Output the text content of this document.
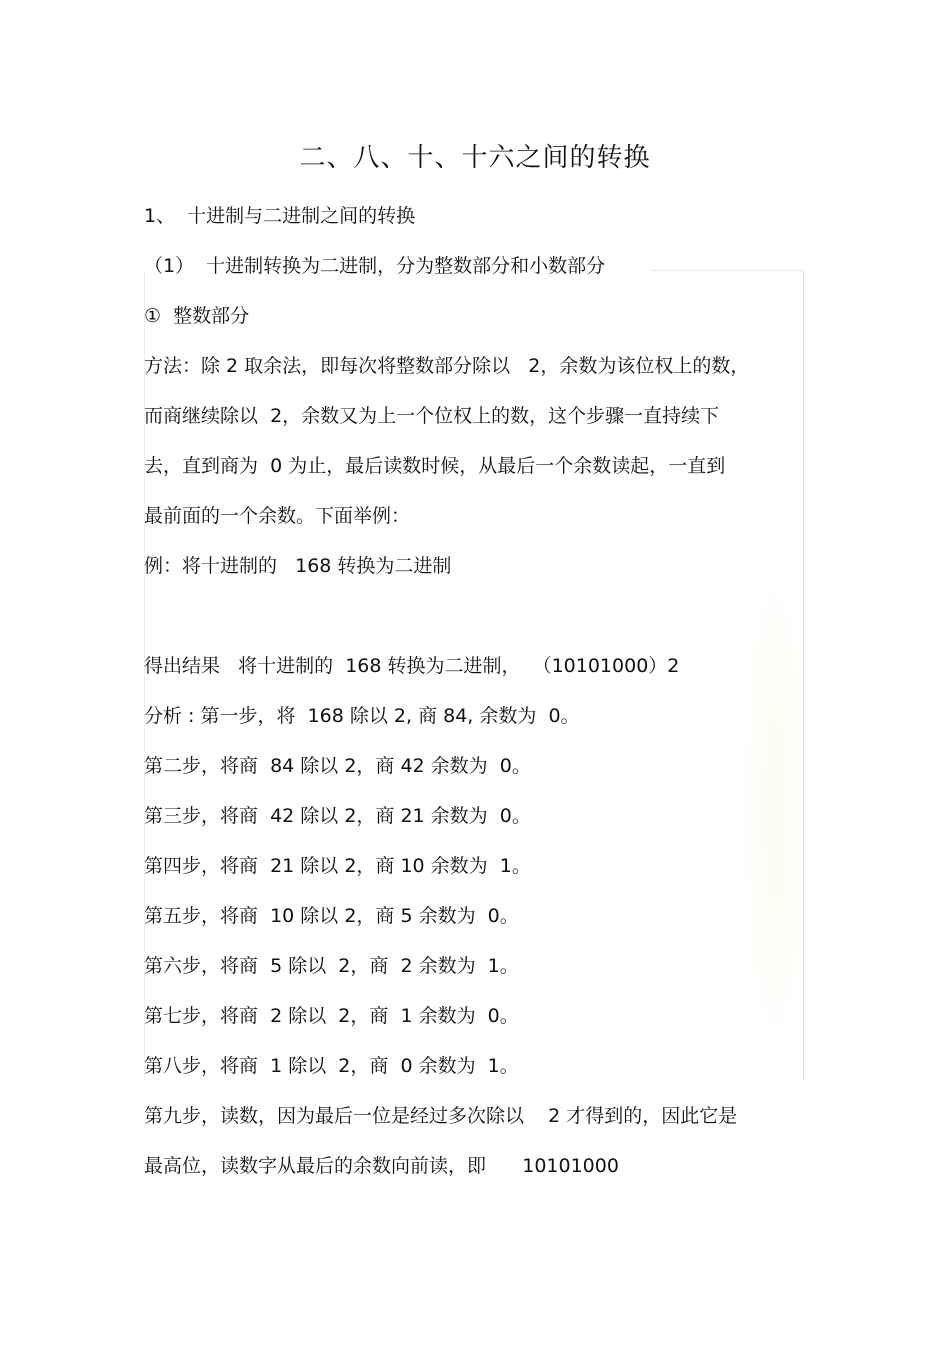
二、八、十、十六之间的转换
1、  十进制与二进制之间的转换
（1）  十进制转换为二进制，分为整数部分和小数部分
①  整数部分
方法：除 2 取余法，即每次将整数部分除以   2，余数为该位权上的数，
而商继续除以  2，余数又为上一个位权上的数，这个步骤一直持续下
去，直到商为  0 为止，最后读数时候，从最后一个余数读起，一直到
最前面的一个余数。下面举例：
例：将十进制的   168 转换为二进制
得出结果   将十进制的  168 转换为二进制，  （10101000）2
分析 : 第一步，将  168 除以 2, 商 84, 余数为  0。
第二步，将商  84 除以 2，商 42 余数为  0。
第三步，将商  42 除以 2，商 21 余数为  0。
第四步，将商  21 除以 2，商 10 余数为  1。
第五步，将商  10 除以 2，商 5 余数为  0。
第六步，将商  5 除以  2，商  2 余数为  1。
第七步，将商  2 除以  2，商  1 余数为  0。
第八步，将商  1 除以  2，商  0 余数为  1。
第九步，读数，因为最后一位是经过多次除以    2 才得到的，因此它是
最高位，读数字从最后的余数向前读，即      10101000
